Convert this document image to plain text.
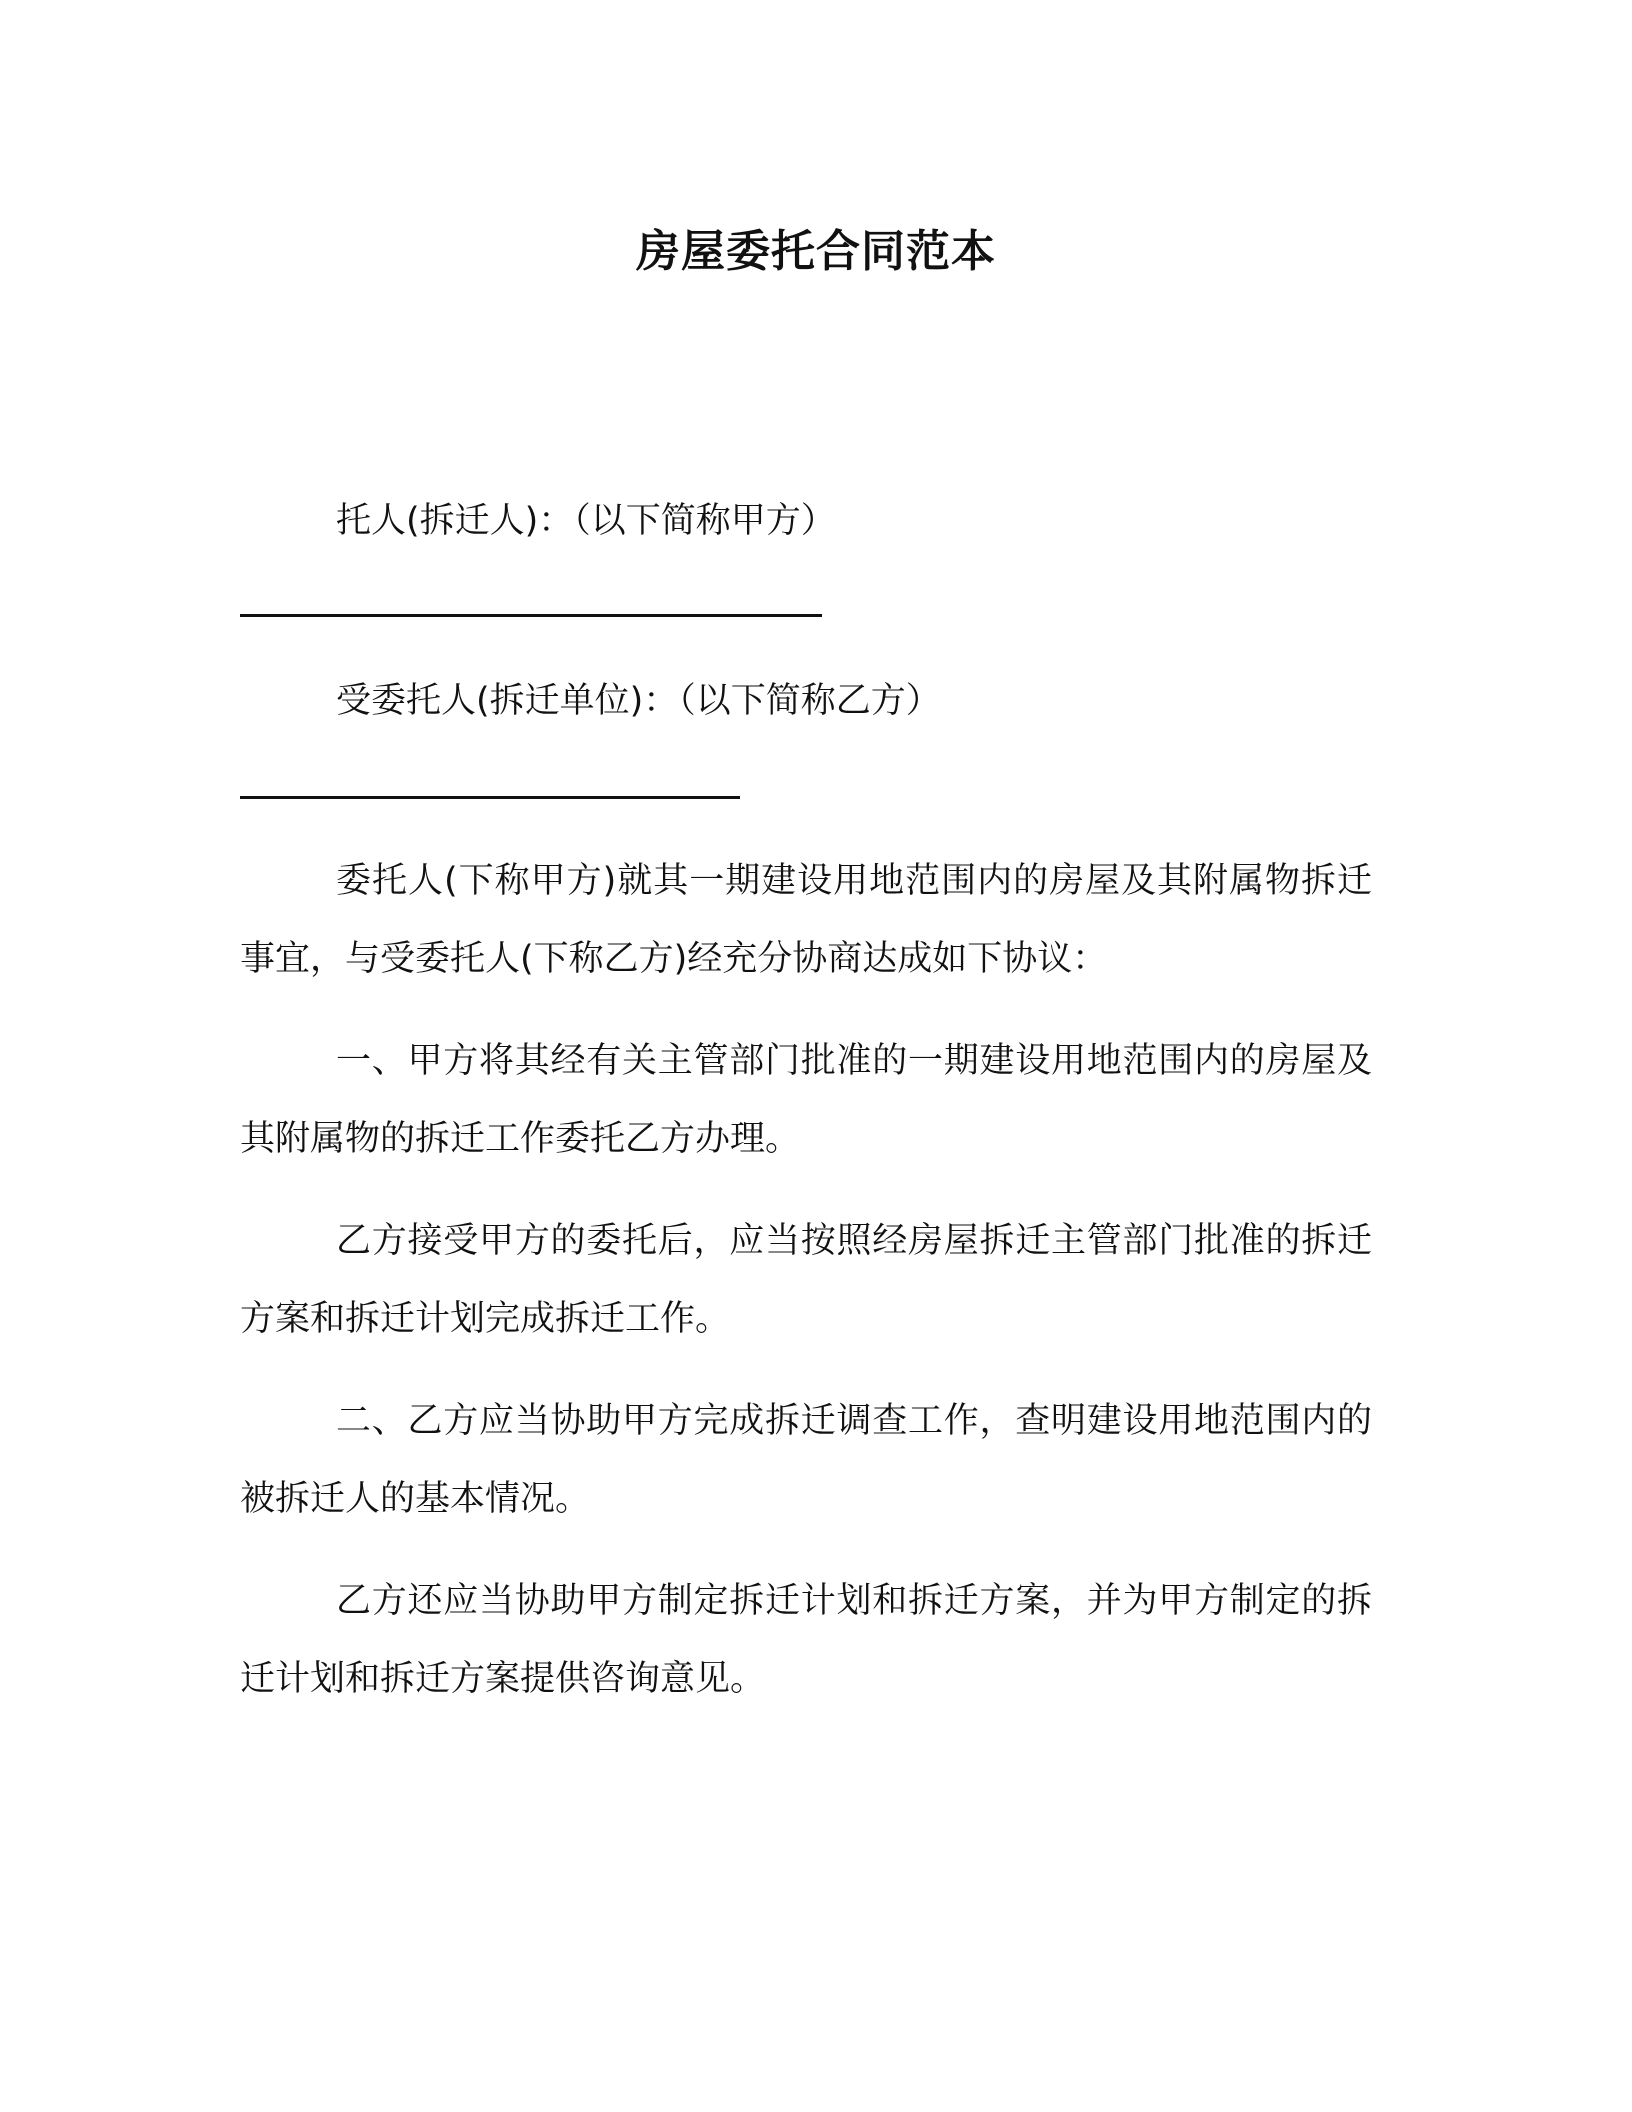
房屋委托合同范本
托人(拆迁人)：（以下简称甲方）
受委托人(拆迁单位)：（以下简称乙方）

委托人(下称甲方)就其一期建设用地范围内的房屋及其附属物拆迁事宜，与受委托人(下称乙方)经充分协商达成如下协议：

一、甲方将其经有关主管部门批准的一期建设用地范围内的房屋及其附属物的拆迁工作委托乙方办理。

乙方接受甲方的委托后，应当按照经房屋拆迁主管部门批准的拆迁方案和拆迁计划完成拆迁工作。

二、乙方应当协助甲方完成拆迁调查工作，查明建设用地范围内的被拆迁人的基本情况。

乙方还应当协助甲方制定拆迁计划和拆迁方案，并为甲方制定的拆迁计划和拆迁方案提供咨询意见。
